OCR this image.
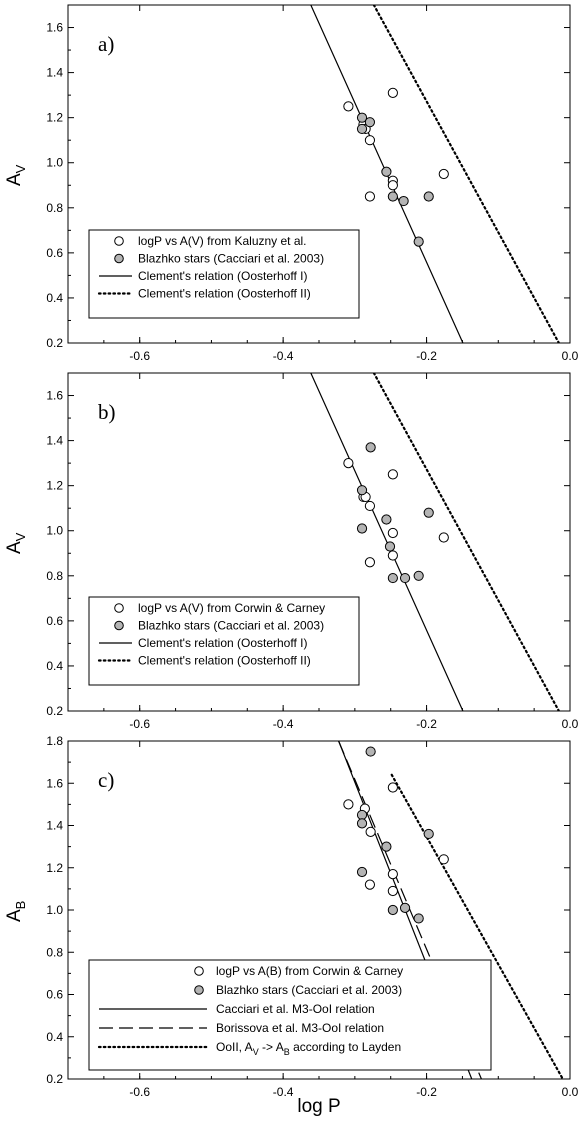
-0.6	-0.4	-0.2	0.0
0.2
0.4
0.6
0.8
1.0
1.2
1.4
1.6
$A_V$
a)
logP vs A(V) from Kaluzny et al.
Blazhko stars (Cacciari et al. 2003)
Clement's relation (Oosterhoff I)
Clement's relation (Oosterhoff II)
-0.6	-0.4	-0.2	0.0
0.2
0.4
0.6
0.8
1.0
1.2
1.4
1.6
$A_V$
b)
logP vs A(V) from Corwin & Carney
Blazhko stars (Cacciari et al. 2003)
Clement's relation (Oosterhoff I)
Clement's relation (Oosterhoff II)
-0.6	-0.4	-0.2	0.0
0.2
0.4
0.6
0.8
1.0
1.2
1.4
1.6
1.8
$A_B$
log P
c)
logP vs A(B) from Corwin & Carney
Blazhko stars (Cacciari et al. 2003)
Cacciari et al. M3-OoI relation
Borissova et al. M3-OoI relation
OoII, $A_V -> A_B$ according to Layden
